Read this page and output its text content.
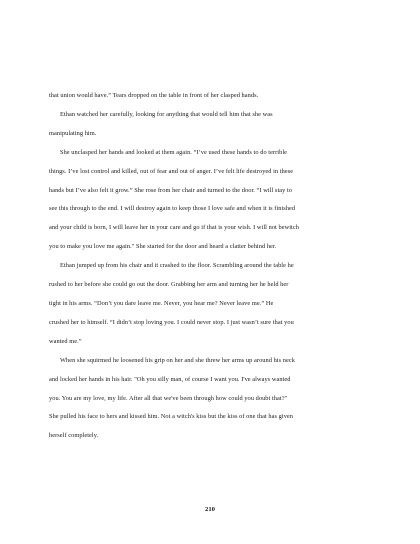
that union would have.” Tears dropped on the table in front of her clasped hands.

Ethan watched her carefully, looking for anything that would tell him that she was

manipulating him.

She unclasped her hands and looked at them again. “I’ve used these hands to do terrible

things. I’ve lost control and killed, out of fear and out of anger. I’ve felt life destroyed in these

hands but I’ve also felt it grow.” She rose from her chair and turned to the door. “I will stay to

see this through to the end. I will destroy again to keep those I love safe and when it is finished

and your child is born, I will leave her in your care and go if that is your wish. I will not bewitch

you to make you love me again." She started for the door and heard a clatter behind her.

Ethan jumped up from his chair and it crashed to the floor. Scrambling around the table he

rushed to her before she could go out the door. Grabbing her arm and turning her he held her

tight in his arms. “Don’t you dare leave me. Never, you hear me? Never leave me.” He

crushed her to himself. “I didn’t stop loving you. I could never stop. I just wasn’t sure that you

wanted me.”

When she squirmed he loosened his grip on her and she threw her arms up around his neck

and locked her hands in his hair. "Oh you silly man, of course I want you. I've always wanted

you. You are my love, my life. After all that we've been through how could you doubt that?"

She pulled his face to hers and kissed him. Not a witch's kiss but the kiss of one that has given

herself completely.

210
